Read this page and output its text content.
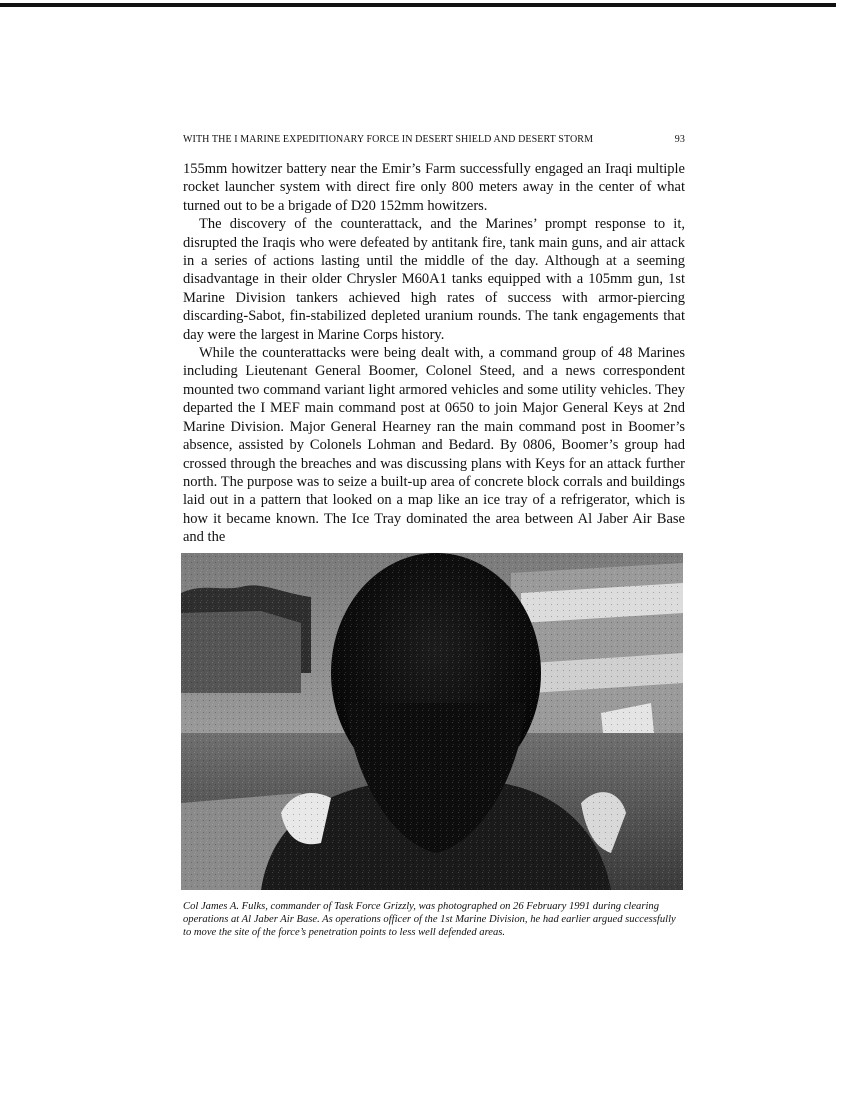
WITH THE I MARINE EXPEDITIONARY FORCE IN DESERT SHIELD AND DESERT STORM	93

155mm howitzer battery near the Emir’s Farm successfully engaged an Iraqi multiple rocket launcher system with direct fire only 800 meters away in the center of what turned out to be a brigade of D20 152mm howitzers.

The discovery of the counterattack, and the Marines’ prompt response to it, disrupted the Iraqis who were defeated by antitank fire, tank main guns, and air attack in a series of actions lasting until the middle of the day. Although at a seeming disadvantage in their older Chrysler M60A1 tanks equipped with a 105mm gun, 1st Marine Division tankers achieved high rates of success with armor-piercing discarding-Sabot, fin-stabilized depleted uranium rounds. The tank engagements that day were the largest in Marine Corps history.

While the counterattacks were being dealt with, a command group of 48 Marines including Lieutenant General Boomer, Colonel Steed, and a news correspondent mounted two command variant light armored vehicles and some utility vehicles. They departed the I MEF main command post at 0650 to join Major General Keys at 2nd Marine Division. Major General Hearney ran the main command post in Boomer’s absence, assisted by Colonels Lohman and Bedard. By 0806, Boomer’s group had crossed through the breaches and was discussing plans with Keys for an attack further north. The purpose was to seize a built-up area of concrete block corrals and buildings laid out in a pattern that looked on a map like an ice tray of a refrigerator, which is how it became known. The Ice Tray dominated the area between Al Jaber Air Base and the

Col James A. Fulks, commander of Task Force Grizzly, was photographed on 26 February 1991 during clearing operations at Al Jaber Air Base. As operations officer of the 1st Marine Division, he had earlier argued successfully to move the site of the force’s penetration points to less well defended areas.
